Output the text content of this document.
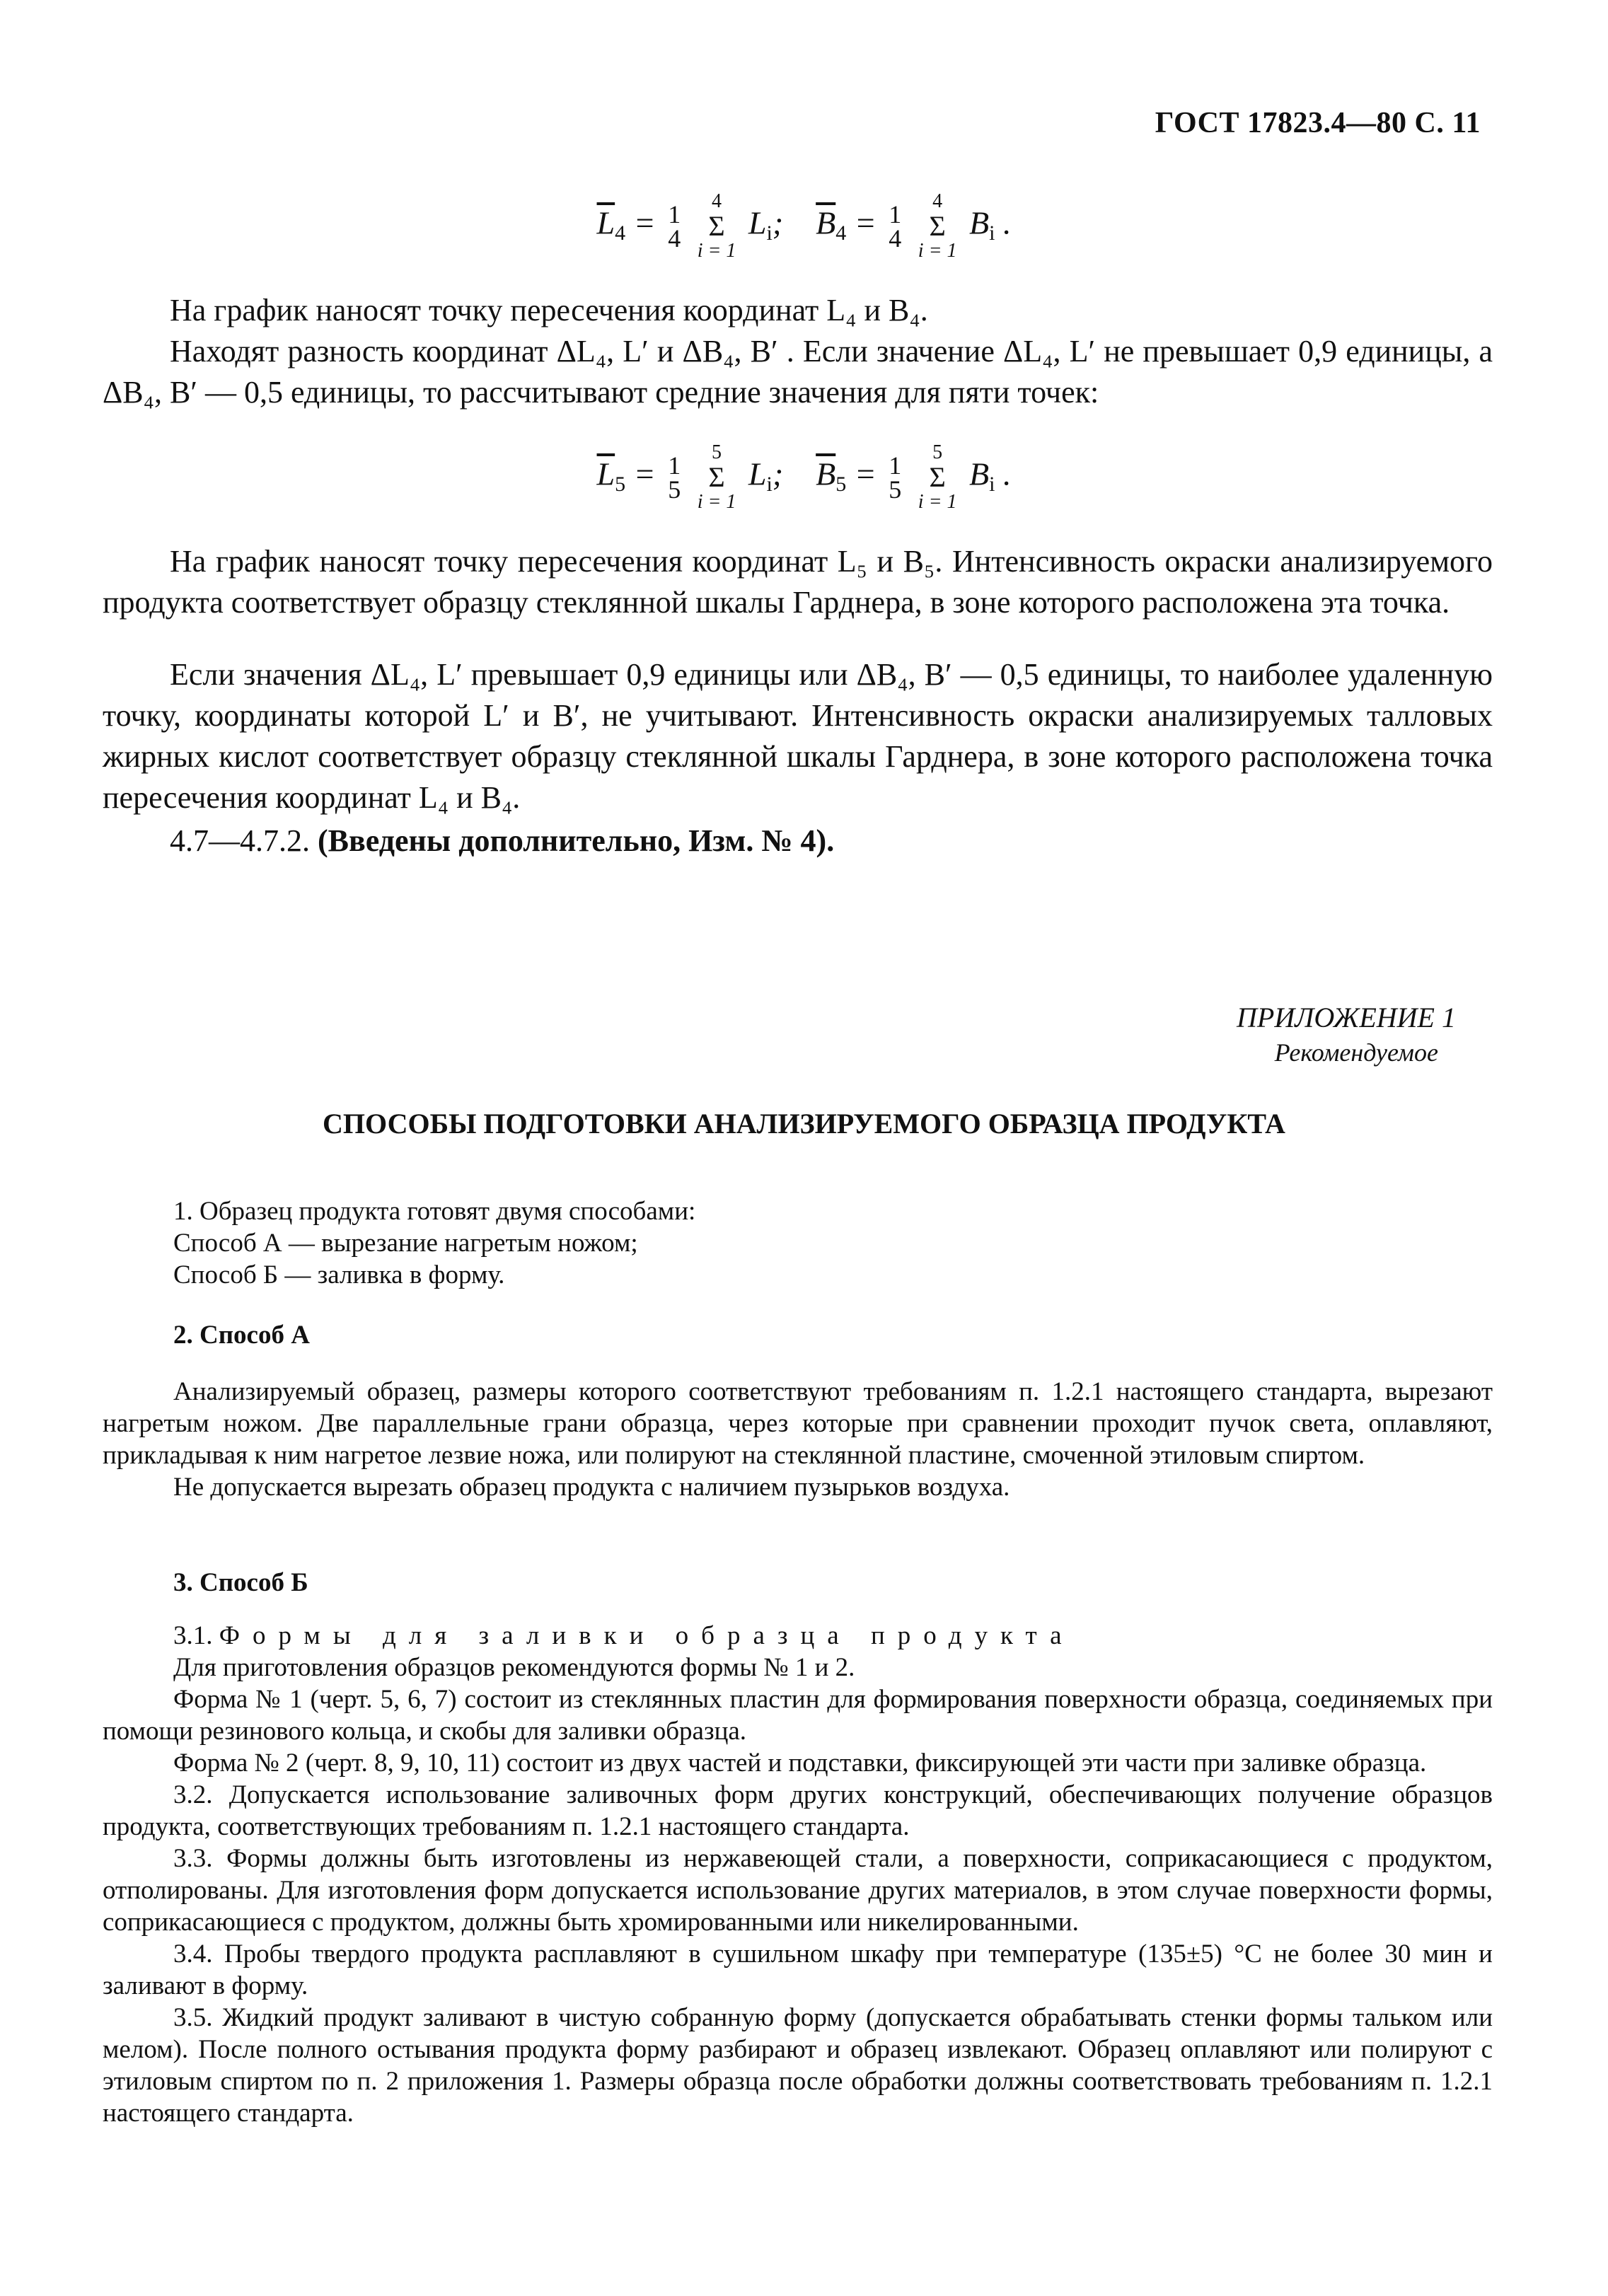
ГОСТ 17823.4—80 С. 11
$\overline{L}4 = 1$
4

4
Σ
i = 1
Li; $\overline{B}4 = 1$
4

4
Σ
i = 1
Bi .
На график наносят точку пересечения координат L₄ и B₄.
Находят разность координат ΔL₄, L′ и ΔB₄, B′ . Если значение ΔL₄, L′ не превышает 0,9 единицы, а ΔB₄, B′ — 0,5 единицы, то рассчитывают средние значения для пяти точек:
$\overline{L}5 = 1$
5

5
Σ
i = 1
Li; $\overline{B}5 = 1$
5

5
Σ
i = 1
Bi .
На график наносят точку пересечения координат L₅ и B₅. Интенсивность окраски анализируемого продукта соответствует образцу стеклянной шкалы Гарднера, в зоне которого расположена эта точка.
Если значения ΔL₄, L′ превышает 0,9 единицы или ΔB₄, B′ — 0,5 единицы, то наиболее удаленную точку, координаты которой L′ и B′, не учитывают. Интенсивность окраски анализируемых талловых жирных кислот соответствует образцу стеклянной шкалы Гарднера, в зоне которого расположена точка пересечения координат L₄ и B₄.
4.7—4.7.2. (Введены дополнительно, Изм. № 4).
ПРИЛОЖЕНИЕ 1
Рекомендуемое
СПОСОБЫ ПОДГОТОВКИ АНАЛИЗИРУЕМОГО ОБРАЗЦА ПРОДУКТА
1. Образец продукта готовят двумя способами:
Способ А — вырезание нагретым ножом;
Способ Б — заливка в форму.
2. Способ А
Анализируемый образец, размеры которого соответствуют требованиям п. 1.2.1 настоящего стандарта, вырезают нагретым ножом. Две параллельные грани образца, через которые при сравнении проходит пучок света, оплавляют, прикладывая к ним нагретое лезвие ножа, или полируют на стеклянной пластине, смоченной этиловым спиртом.
Не допускается вырезать образец продукта с наличием пузырьков воздуха.
3. Способ Б
3.1. Формы для заливки образца продукта
Для приготовления образцов рекомендуются формы № 1 и 2.
Форма № 1 (черт. 5, 6, 7) состоит из стеклянных пластин для формирования поверхности образца, соединяемых при помощи резинового кольца, и скобы для заливки образца.
Форма № 2 (черт. 8, 9, 10, 11) состоит из двух частей и подставки, фиксирующей эти части при заливке образца.
3.2. Допускается использование заливочных форм других конструкций, обеспечивающих получение образцов продукта, соответствующих требованиям п. 1.2.1 настоящего стандарта.
3.3. Формы должны быть изготовлены из нержавеющей стали, а поверхности, соприкасающиеся с продуктом, отполированы. Для изготовления форм допускается использование других материалов, в этом случае поверхности формы, соприкасающиеся с продуктом, должны быть хромированными или никелированными.
3.4. Пробы твердого продукта расплавляют в сушильном шкафу при температуре (135±5) °С не более 30 мин и заливают в форму.
3.5. Жидкий продукт заливают в чистую собранную форму (допускается обрабатывать стенки формы тальком или мелом). После полного остывания продукта форму разбирают и образец извлекают. Образец оплавляют или полируют с этиловым спиртом по п. 2 приложения 1. Размеры образца после обработки должны соответствовать требованиям п. 1.2.1 настоящего стандарта.
